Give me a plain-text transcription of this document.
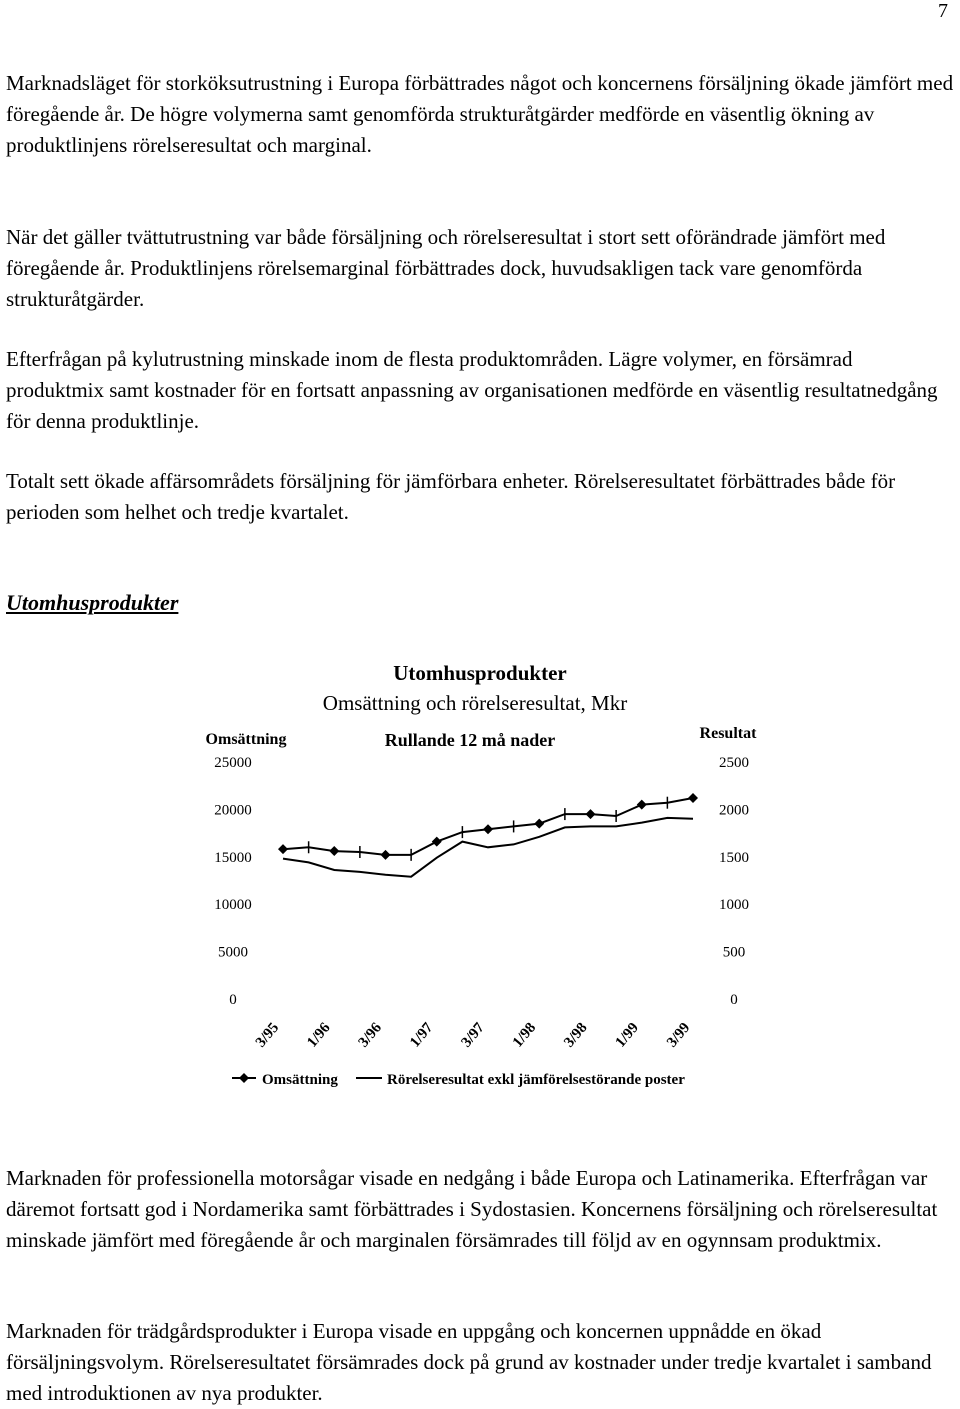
7

Marknadsläget för storköksutrustning i Europa förbättrades något och koncernens försäljning ökade jämfört med föregående år. De högre volymerna samt genomförda strukturåtgärder medförde en väsentlig ökning av produktlinjens rörelseresultat och marginal.

När det gäller tvättutrustning var både försäljning och rörelseresultat i stort sett oförändrade jämfört med föregående år. Produktlinjens rörelsemarginal förbättrades dock, huvudsakligen tack vare genomförda strukturåtgärder.

Efterfrågan på kylutrustning minskade inom de flesta produktområden. Lägre volymer, en försämrad produktmix samt kostnader för en fortsatt anpassning av organisationen medförde en väsentlig resultatnedgång för denna produktlinje.

Totalt sett ökade affärsområdets försäljning för jämförbara enheter. Rörelseresultatet förbättrades både för perioden som helhet och tredje kvartalet.

Utomhusprodukter
Utomhusprodukter
Omsättning och rörelseresultat, Mkr
Rullande 12 må nader
Omsättning	Resultat
0
5000
10000
15000
20000
25000
0
500
1000
1500
2000
2500
3/95 1/96 3/96 1/97 3/97 1/98 3/98 1/99 3/99
Omsättning	Rörelseresultat exkl jämförelsestörande poster

Marknaden för professionella motorsågar visade en nedgång i både Europa och Latinamerika. Efterfrågan var däremot fortsatt god i Nordamerika samt förbättrades i Sydostasien. Koncernens försäljning och rörelseresultat minskade jämfört med föregående år och marginalen försämrades till följd av en ogynnsam produktmix.

Marknaden för trädgårdsprodukter i Europa visade en uppgång och koncernen uppnådde en ökad försäljningsvolym. Rörelseresultatet försämrades dock på grund av kostnader under tredje kvartalet i samband med introduktionen av nya produkter.
